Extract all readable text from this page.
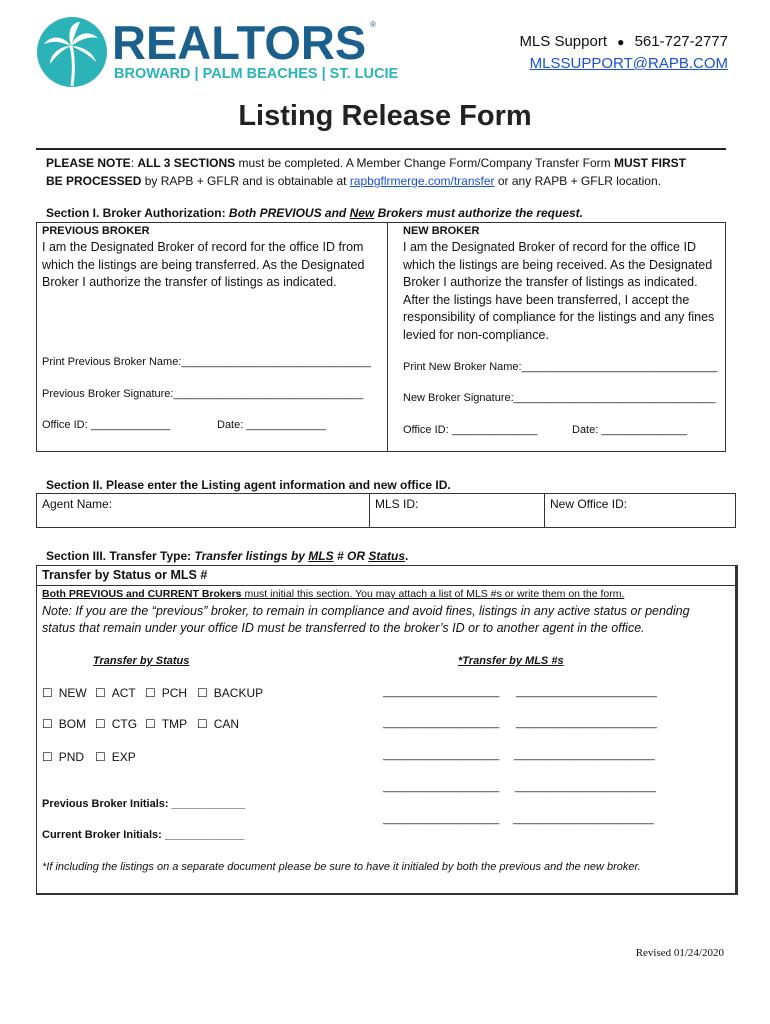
REALTORS ®
BROWARD | PALM BEACHES | ST. LUCIE
MLS Support ● 561-727-2777
MLSSUPPORT@RAPB.COM
Listing Release Form
PLEASE NOTE: ALL 3 SECTIONS must be completed. A Member Change Form/Company Transfer Form MUST FIRST
BE PROCESSED by RAPB + GFLR and is obtainable at rapbgflrmerge.com/transfer or any RAPB + GFLR location.
Section I. Broker Authorization: Both PREVIOUS and New Brokers must authorize the request.
PREVIOUS BROKER
I am the Designated Broker of record for the office ID from which the listings are being transferred. As the Designated Broker I authorize the transfer of listings as indicated.
Print Previous Broker Name:_______________________________
Previous Broker Signature:_______________________________
Office ID: _____________	Date: _____________
NEW BROKER
I am the Designated Broker of record for the office ID which the listings are being received. As the Designated Broker I authorize the transfer of listings as indicated. After the listings have been transferred, I accept the responsibility of compliance for the listings and any fines levied for non-compliance.
Print New Broker Name:________________________________
New Broker Signature:_________________________________
Office ID: ______________	Date: ______________
Section II. Please enter the Listing agent information and new office ID.
Agent Name:	MLS ID:	New Office ID:
Section III. Transfer Type: Transfer listings by MLS # OR Status.
Transfer by Status or MLS #
Both PREVIOUS and CURRENT Brokers must initial this section. You may attach a list of MLS #s or write them on the form.
Note: If you are the “previous” broker, to remain in compliance and avoid fines, listings in any active status or pending status that remain under your office ID must be transferred to the broker’s ID or to another agent in the office.
Transfer by Status	*Transfer by MLS #s
☐ NEW ☐ ACT ☐ PCH ☐ BACKUP
☐ BOM ☐ CTG ☐ TMP ☐ CAN
☐ PND ☐ EXP
___________________ _______________________
___________________ _______________________
___________________ _______________________
___________________ _______________________
___________________ _______________________
Previous Broker Initials: ____________
Current Broker Initials: _____________
*If including the listings on a separate document please be sure to have it initialed by both the previous and the new broker.
Revised 01/24/2020
